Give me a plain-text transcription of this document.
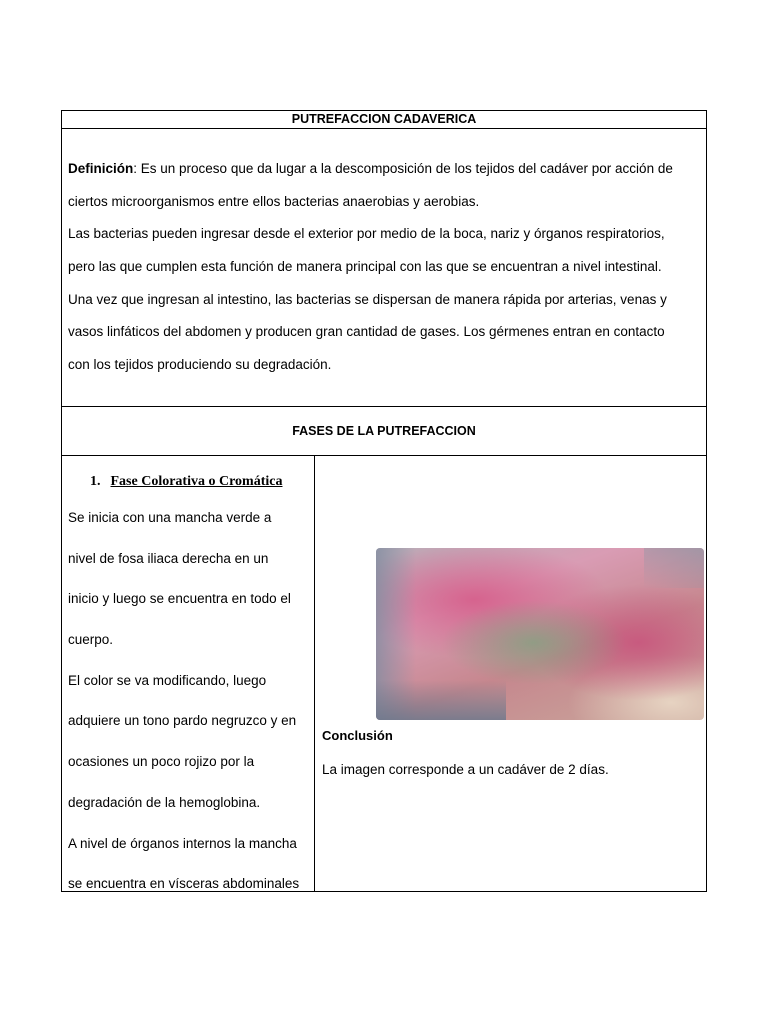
PUTREFACCION CADAVERICA
Definición: Es un proceso que da lugar a la descomposición de los tejidos del cadáver por acción de
ciertos microorganismos entre ellos bacterias anaerobias y aerobias.
Las bacterias pueden ingresar desde el exterior por medio de la boca, nariz y órganos respiratorios,
pero las que cumplen esta función de manera principal con las que se encuentran a nivel intestinal.
Una vez que ingresan al intestino, las bacterias se dispersan de manera rápida por arterias, venas y
vasos linfáticos del abdomen y producen gran cantidad de gases. Los gérmenes entran en contacto
con los tejidos produciendo su degradación.
FASES DE LA PUTREFACCION
1. Fase Colorativa o Cromática
Se inicia con una mancha verde a
nivel de fosa iliaca derecha en un
inicio y luego se encuentra en todo el
cuerpo.
El color se va modificando, luego
adquiere un tono pardo negruzco y en
ocasiones un poco rojizo por la
degradación de la hemoglobina.
A nivel de órganos internos la mancha
se encuentra en vísceras abdominales
Conclusión
La imagen corresponde a un cadáver de 2 días.
